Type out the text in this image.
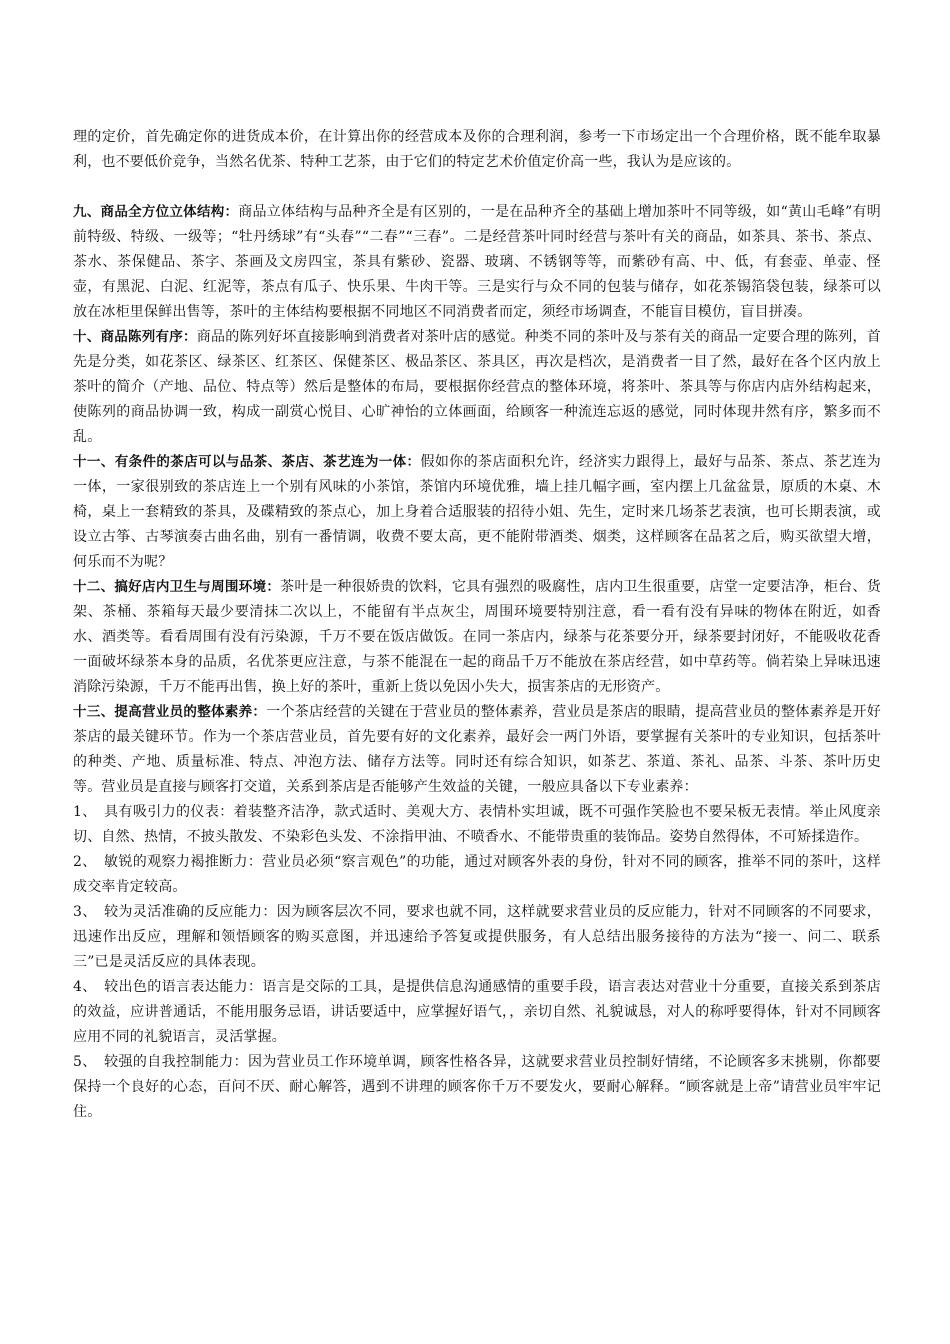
理的定价，首先确定你的进货成本价，在计算出你的经营成本及你的合理利润，参考一下市场定出一个合理价格，既不能牟取暴利，也不要低价竞争，当然名优茶、特种工艺茶，由于它们的特定艺术价值定价高一些，我认为是应该的。

九、商品全方位立体结构：商品立体结构与品种齐全是有区别的，一是在品种齐全的基础上增加茶叶不同等级，如“黄山毛峰”有明前特级、特级、一级等；“牡丹绣球”有“头春”“二春”“三春”。二是经营茶叶同时经营与茶叶有关的商品，如茶具、茶书、茶点、茶水、茶保健品、茶字、茶画及文房四宝，茶具有紫砂、瓷器、玻璃、不锈钢等等，而紫砂有高、中、低，有套壶、单壶、怪壶，有黑泥、白泥、红泥等，茶点有瓜子、快乐果、牛肉干等。三是实行与众不同的包装与储存，如花茶锡箔袋包装，绿茶可以放在冰柜里保鲜出售等，茶叶的主体结构要根据不同地区不同消费者而定，须经市场调查，不能盲目模仿，盲目拼凑。

十、商品陈列有序：商品的陈列好坏直接影响到消费者对茶叶店的感觉。种类不同的茶叶及与茶有关的商品一定要合理的陈列，首先是分类，如花茶区、绿茶区、红茶区、保健茶区、极品茶区、茶具区，再次是档次，是消费者一目了然，最好在各个区内放上茶叶的简介（产地、品位、特点等）然后是整体的布局，要根据你经营点的整体环境，将茶叶、茶具等与你店内店外结构起来，使陈列的商品协调一致，构成一副赏心悦目、心旷神怡的立体画面，给顾客一种流连忘返的感觉，同时体现井然有序，繁多而不乱。

十一、有条件的茶店可以与品茶、茶店、茶艺连为一体：假如你的茶店面积允许，经济实力跟得上，最好与品茶、茶点、茶艺连为一体，一家很别致的茶店连上一个别有风味的小茶馆，茶馆内环境优雅，墙上挂几幅字画，室内摆上几盆盆景，原质的木桌、木椅，桌上一套精致的茶具，及碟精致的茶点心，加上身着合适服装的招待小姐、先生，定时来几场茶艺表演，也可长期表演，或设立古筝、古琴演奏古曲名曲，别有一番情调，收费不要太高，更不能附带酒类、烟类，这样顾客在品茗之后，购买欲望大增，何乐而不为呢？

十二、搞好店内卫生与周围环境：茶叶是一种很娇贵的饮料，它具有强烈的吸腐性，店内卫生很重要，店堂一定要洁净，柜台、货架、茶桶、茶箱每天最少要清抹二次以上，不能留有半点灰尘，周围环境要特别注意，看一看有没有异味的物体在附近，如香水、酒类等。看看周围有没有污染源，千万不要在饭店做饭。在同一茶店内，绿茶与花茶要分开，绿茶要封闭好，不能吸收花香一面破坏绿茶本身的品质，名优茶更应注意，与茶不能混在一起的商品千万不能放在茶店经营，如中草药等。倘若染上异味迅速消除污染源，千万不能再出售，换上好的茶叶，重新上货以免因小失大，损害茶店的无形资产。

十三、提高营业员的整体素养：一个茶店经营的关键在于营业员的整体素养，营业员是茶店的眼睛，提高营业员的整体素养是开好茶店的最关键环节。作为一个茶店营业员，首先要有好的文化素养，最好会一两门外语，要掌握有关茶叶的专业知识，包括茶叶的种类、产地、质量标准、特点、冲泡方法、储存方法等。同时还有综合知识，如茶艺、茶道、茶礼、品茶、斗茶、茶叶历史等。营业员是直接与顾客打交道，关系到茶店是否能够产生效益的关键，一般应具备以下专业素养：

1、　具有吸引力的仪表：着装整齐洁净，款式适时、美观大方、表情朴实坦诚，既不可强作笑脸也不要呆板无表情。举止风度亲切、自然、热情，不披头散发、不染彩色头发、不涂指甲油、不喷香水、不能带贵重的装饰品。姿势自然得体，不可矫揉造作。

2、　敏锐的观察力褐推断力：营业员必须“察言观色”的功能，通过对顾客外表的身份，针对不同的顾客，推举不同的茶叶，这样成交率肯定较高。

3、　较为灵活准确的反应能力：因为顾客层次不同，要求也就不同，这样就要求营业员的反应能力，针对不同顾客的不同要求，迅速作出反应，理解和领悟顾客的购买意图，并迅速给予答复或提供服务，有人总结出服务接待的方法为“接一、问二、联系三”已是灵活反应的具体表现。

4、　较出色的语言表达能力：语言是交际的工具，是提供信息沟通感情的重要手段，语言表达对营业十分重要，直接关系到茶店的效益，应讲普通话，不能用服务忌语，讲话要适中，应掌握好语气，，亲切自然、礼貌诚恳，对人的称呼要得体，针对不同顾客应用不同的礼貌语言，灵活掌握。

5、　较强的自我控制能力：因为营业员工作环境单调，顾客性格各异，这就要求营业员控制好情绪，不论顾客多末挑剔，你都要保持一个良好的心态，百问不厌、耐心解答，遇到不讲理的顾客你千万不要发火，要耐心解释。“顾客就是上帝”请营业员牢牢记住。
